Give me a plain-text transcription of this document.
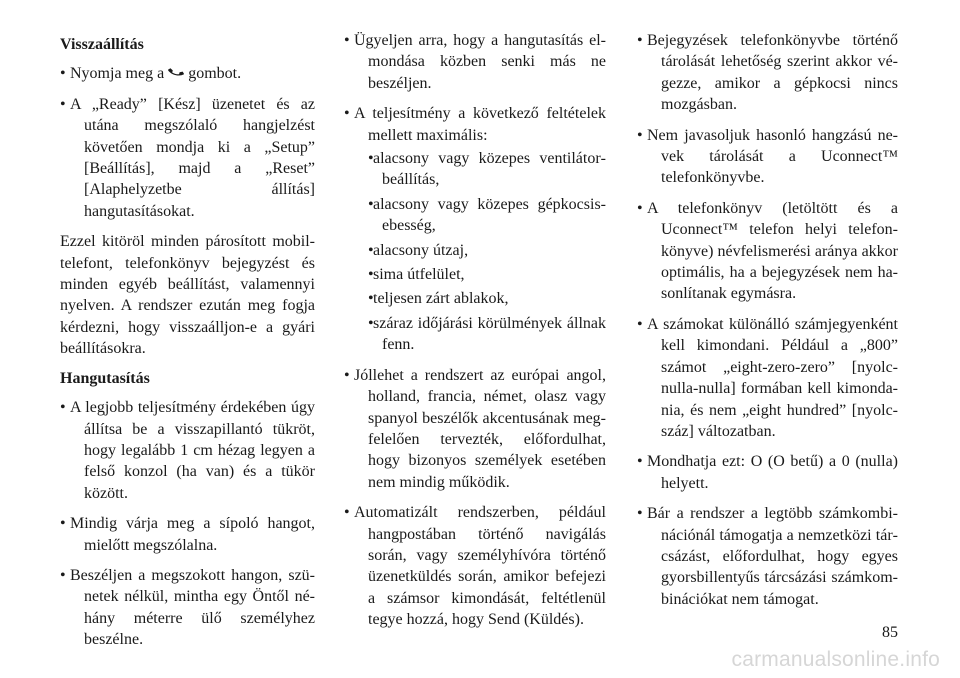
Visszaállítás
• Nyomja meg a gombot.
• A „Ready” [Kész] üzenetet és az utána megszólaló hangjelzést követően mondja ki a „Setup” [Beállítás], majd a „Reset” [Alaphelyzetbe állítás] hangutasításokat.

Ezzel kitöröl minden párosított mobiltelefont, telefonkönyv bejegyzést és minden egyéb beállítást, valamennyi nyelven. A rendszer ezután meg fogja kérdezni, hogy visszaálljon-e a gyári beállításokra.

Hangutasítás
• A legjobb teljesítmény érdekében úgy állítsa be a visszapillantó tükröt, hogy legalább 1 cm hézag legyen a felső konzol (ha van) és a tükör között.
• Mindig várja meg a sípoló hangot, mielőtt megszólalna.
• Beszéljen a megszokott hangon, szünetek nélkül, mintha egy Öntől néhány méterre ülő személyhez beszélne.
• Ügyeljen arra, hogy a hangutasítás elmondása közben senki más ne beszéljen.
• A teljesítmény a következő feltételek mellett maximális:
• alacsony vagy közepes ventilátorbeállítás,
• alacsony vagy közepes gépkocsisebesség,
• alacsony útzaj,
• sima útfelület,
• teljesen zárt ablakok,
• száraz időjárási körülmények állnak fenn.
• Jóllehet a rendszert az európai angol, holland, francia, német, olasz vagy spanyol beszélők akcentusának megfelelően tervezték, előfordulhat, hogy bizonyos személyek esetében nem mindig működik.
• Automatizált rendszerben, például hangpostában történő navigálás során, vagy személyhívóra történő üzenetküldés során, amikor befejezi a számsor kimondását, feltétlenül tegye hozzá, hogy Send (Küldés).
• Bejegyzések telefonkönyvbe történő tárolását lehetőség szerint akkor végezze, amikor a gépkocsi nincs mozgásban.
• Nem javasoljuk hasonló hangzású nevek tárolását a Uconnect™ telefonkönyvbe.
• A telefonkönyv (letöltött és a Uconnect™ telefon helyi telefonkönyve) névfelismerési aránya akkor optimális, ha a bejegyzések nem hasonlítanak egymásra.
• A számokat különálló számjegyenként kell kimondani. Például a „800” számot „eight-zero-zero” [nyolc-nulla-nulla] formában kell kimondania, és nem „eight hundred” [nyolcszáz] változatban.
• Mondhatja ezt: O (O betű) a 0 (nulla) helyett.
• Bár a rendszer a legtöbb számkombinációnál támogatja a nemzetközi tárcsázást, előfordulhat, hogy egyes gyorsbillentyűs tárcsázási számkombinációkat nem támogat.
85
carmanualsonline.info
